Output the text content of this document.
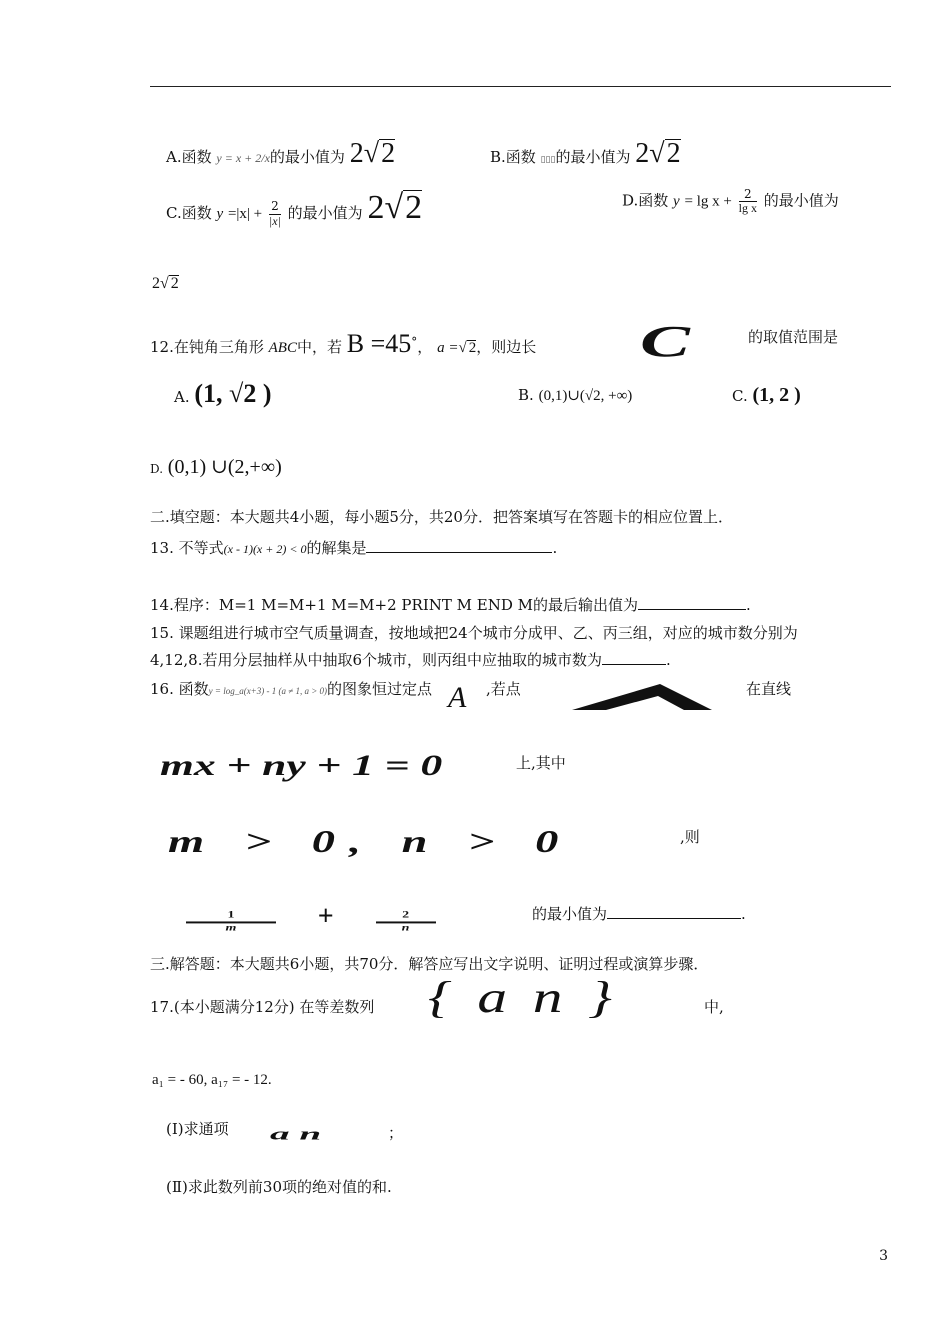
A.函数 y = x + 2/x的最小值为 2√2	B.函数 ▯▯▯的最小值为 2√2
C.函数 $y =|x| + \frac{2}{|x|}$ 的最小值为 2√2	D.函数 $y = \lg x + \frac{2}{\text{lg x}}$ 的最小值为
2√ 2
12.在钝角三角形 ABC中，若 B =45°， a =√ 2，则边长 C	的取值范围是
A. (1, √2 )	B. (0,1)∪(√2, +∞)	C. (1, 2 )
D. (0,1) ∪(2,+∞)
二.填空题：本大题共4小题，每小题5分，共20分．把答案填写在答题卡的相应位置上．
13. 不等式(x - 1)(x + 2) < 0的解集是	.
14.程序：M=1 M=M+1 M=M+2 PRINT M END M的最后输出值为	.
15. 课题组进行城市空气质量调查，按地域把24个城市分成甲、乙、丙三组，对应的城市数分别为
4,12,8.若用分层抽样从中抽取6个城市，则丙组中应抽取的城市数为	.
16. 函数y = log_a(x+3) - 1 (a ≠ 1, a > 0)的图象恒过定点 A ,若点	在直线
mx + ny + 1 = 0	上,其中
m > 0, n > 0	,则
$\frac{1}{m}$ +	$\frac{2}{n}$	的最小值为	.
三.解答题：本大题共6小题，共70分．解答应写出文字说明、证明过程或演算步骤．
17.(本小题满分12分) 在等差数列 { a n }	中,
a₁ = - 60, a₁₇ = - 12.
(Ⅰ)求通项 a n	；
(Ⅱ)求此数列前30项的绝对值的和.
3
